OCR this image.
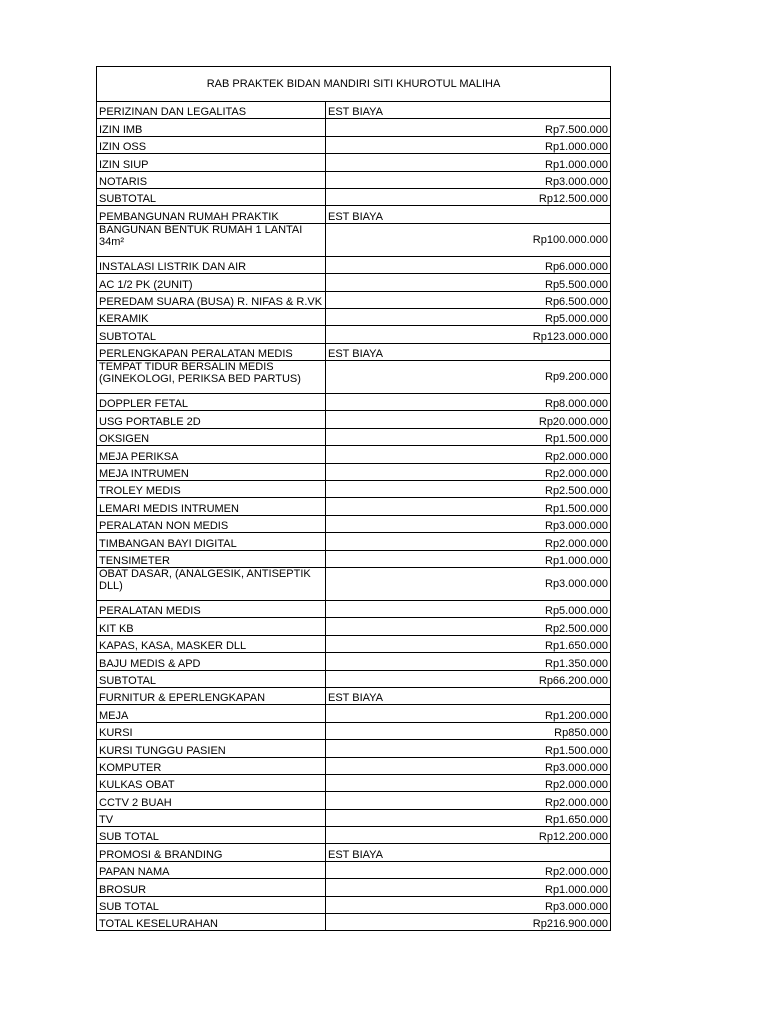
RAB PRAKTEK BIDAN MANDIRI SITI KHUROTUL MALIHA	
PERIZINAN DAN LEGALITAS	EST BIAYA
IZIN IMB	Rp7.500.000
IZIN OSS	Rp1.000.000
IZIN SIUP	Rp1.000.000
NOTARIS	Rp3.000.000
SUBTOTAL	Rp12.500.000
PEMBANGUNAN RUMAH PRAKTIK	EST BIAYA
BANGUNAN BENTUK RUMAH 1 LANTAI 34m²	Rp100.000.000
INSTALASI LISTRIK DAN AIR	Rp6.000.000
AC 1/2 PK (2UNIT)	Rp5.500.000
PEREDAM SUARA (BUSA) R. NIFAS & R.VK	Rp6.500.000
KERAMIK	Rp5.000.000
SUBTOTAL	Rp123.000.000
PERLENGKAPAN PERALATAN MEDIS	EST BIAYA
TEMPAT TIDUR BERSALIN MEDIS (GINEKOLOGI, PERIKSA BED PARTUS)	Rp9.200.000
DOPPLER FETAL	Rp8.000.000
USG PORTABLE 2D	Rp20.000.000
OKSIGEN	Rp1.500.000
MEJA PERIKSA	Rp2.000.000
MEJA INTRUMEN	Rp2.000.000
TROLEY MEDIS	Rp2.500.000
LEMARI MEDIS INTRUMEN	Rp1.500.000
PERALATAN NON MEDIS	Rp3.000.000
TIMBANGAN BAYI DIGITAL	Rp2.000.000
TENSIMETER	Rp1.000.000
OBAT DASAR, (ANALGESIK, ANTISEPTIK DLL)	Rp3.000.000
PERALATAN MEDIS	Rp5.000.000
KIT KB	Rp2.500.000
KAPAS, KASA, MASKER DLL	Rp1.650.000
BAJU MEDIS & APD	Rp1.350.000
SUBTOTAL	Rp66.200.000
FURNITUR & EPERLENGKAPAN	EST BIAYA
MEJA	Rp1.200.000
KURSI	Rp850.000
KURSI TUNGGU PASIEN	Rp1.500.000
KOMPUTER	Rp3.000.000
KULKAS OBAT	Rp2.000.000
CCTV 2 BUAH	Rp2.000.000
TV	Rp1.650.000
SUB TOTAL	Rp12.200.000
PROMOSI & BRANDING	EST BIAYA
PAPAN NAMA	Rp2.000.000
BROSUR	Rp1.000.000
SUB TOTAL	Rp3.000.000
TOTAL KESELURAHAN	Rp216.900.000
